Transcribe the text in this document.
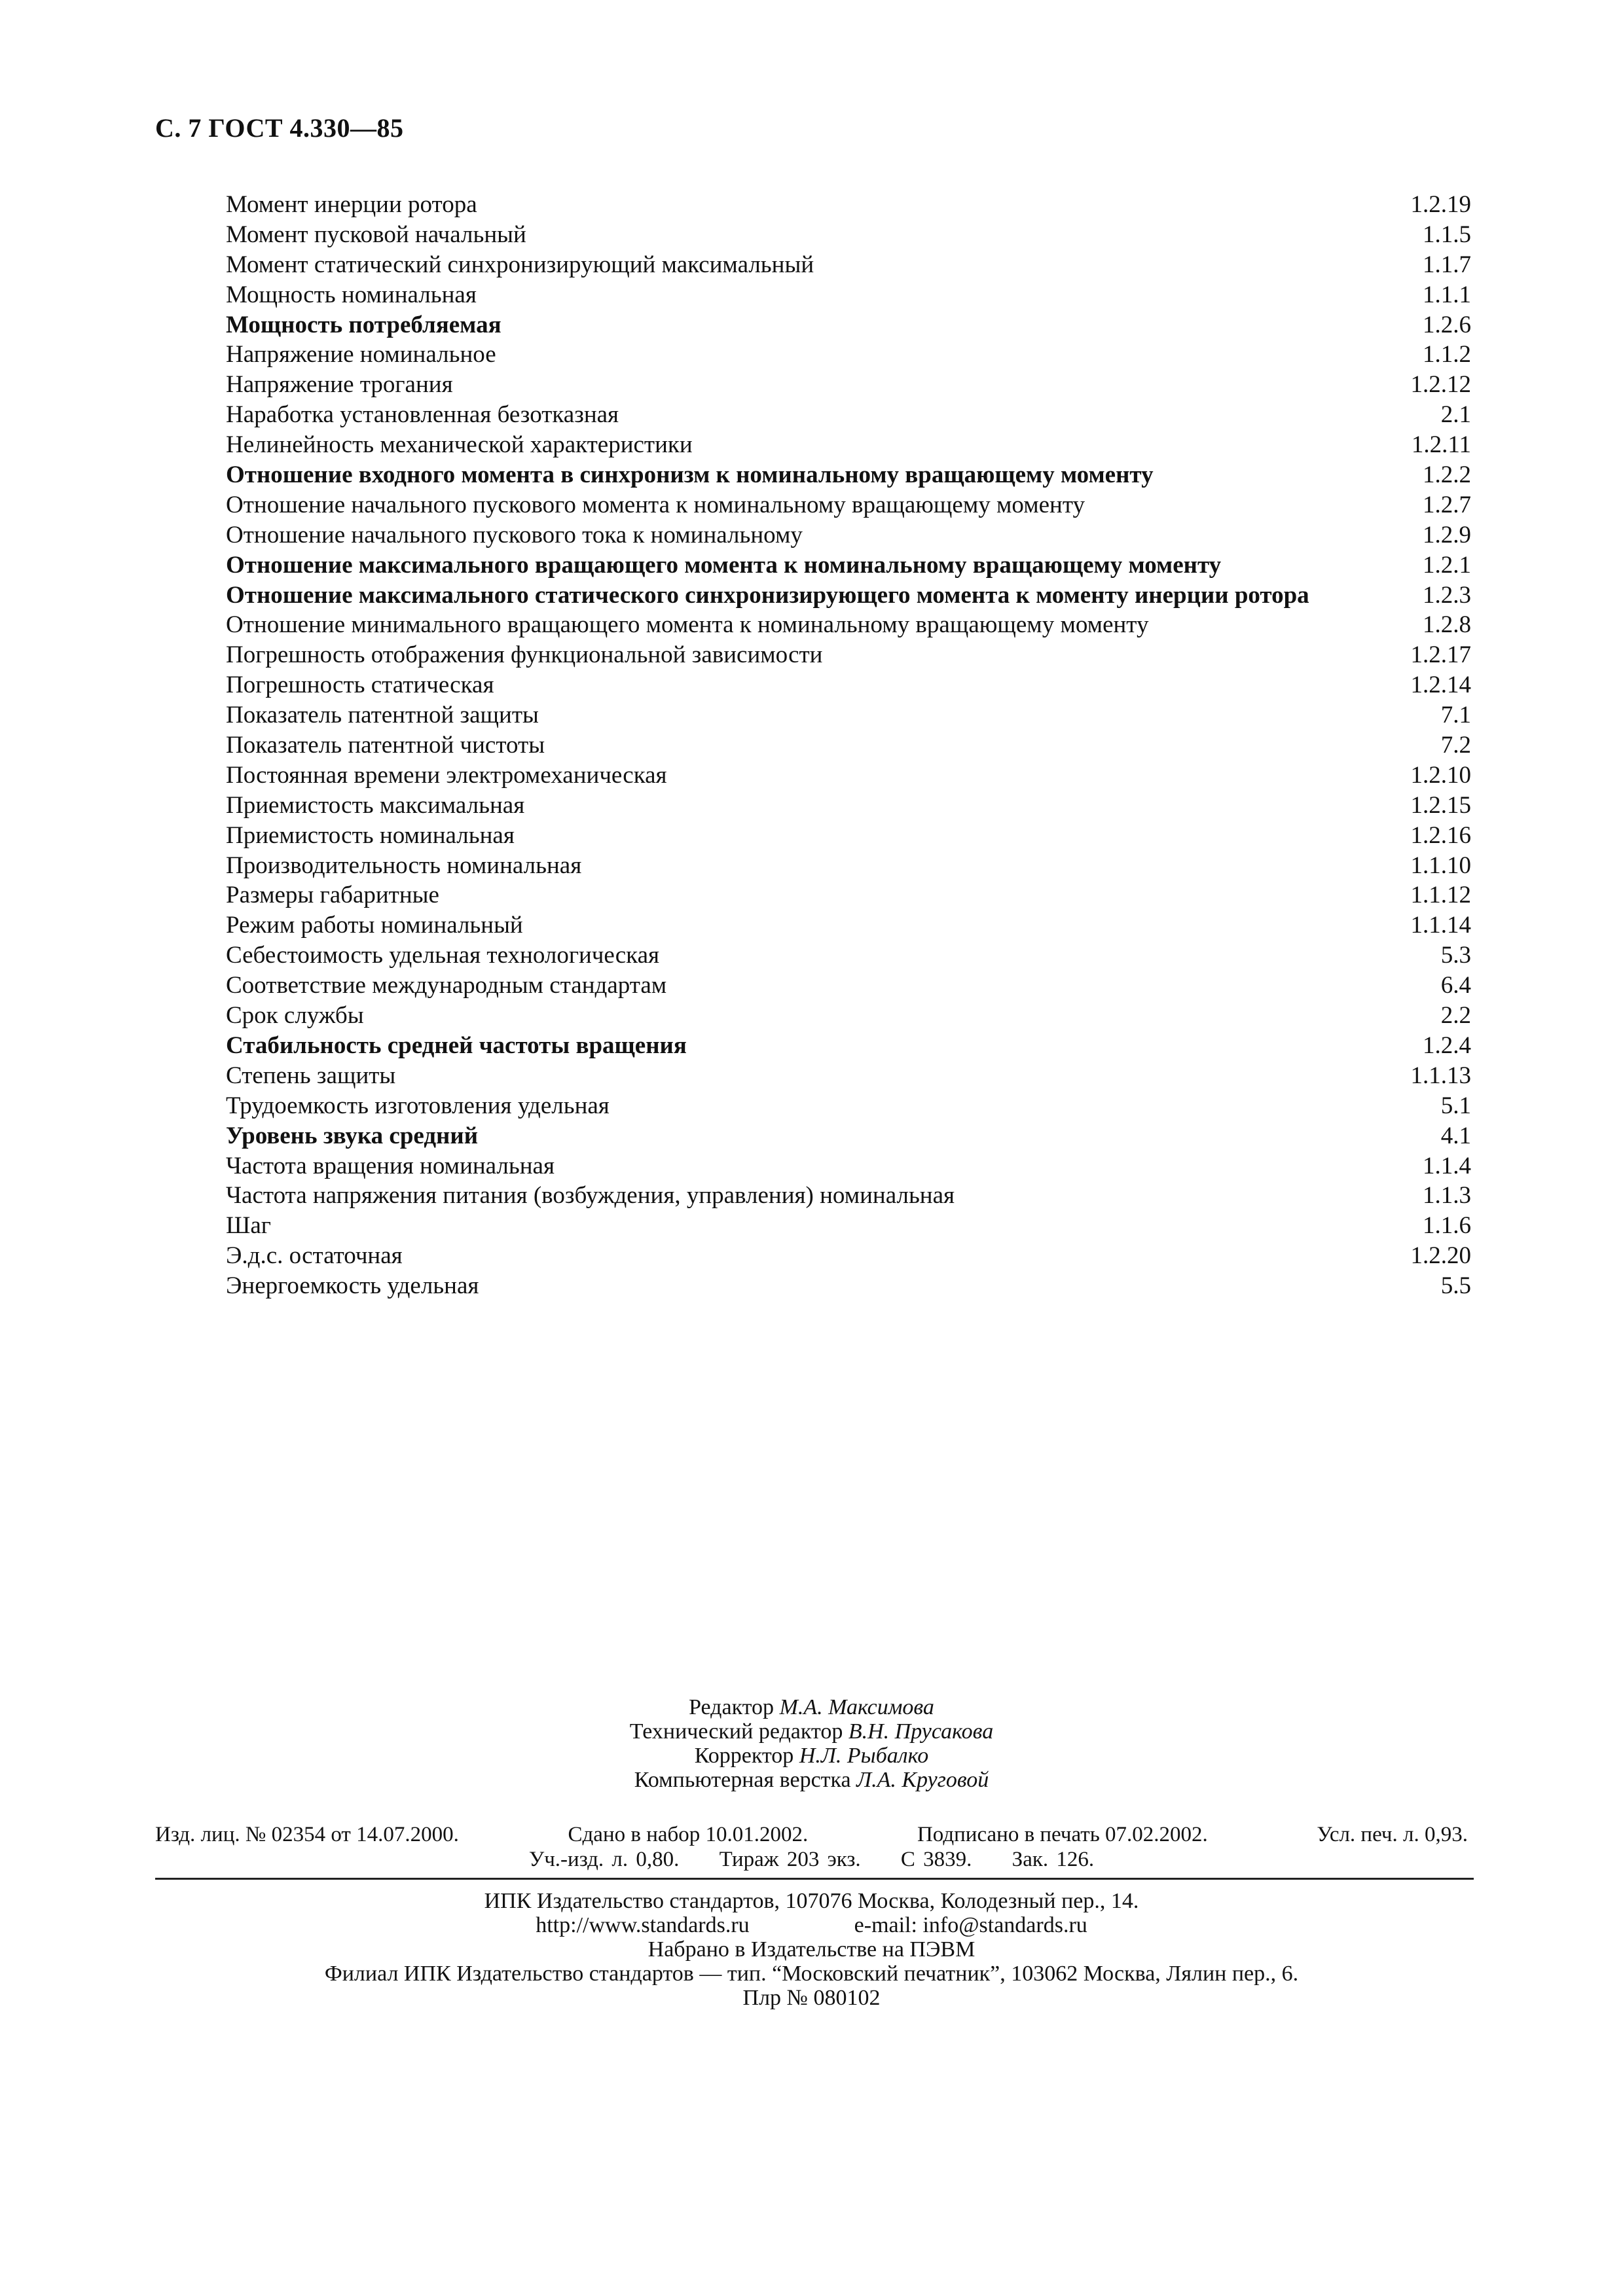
С. 7 ГОСТ 4.330—85
Момент инерции ротора	1.2.19
Момент пусковой начальный	1.1.5
Момент статический синхронизирующий максимальный	1.1.7
Мощность номинальная	1.1.1
Мощность потребляемая	1.2.6
Напряжение номинальное	1.1.2
Напряжение трогания	1.2.12
Наработка установленная безотказная	2.1
Нелинейность механической характеристики	1.2.11
Отношение входного момента в синхронизм к номинальному вращающему моменту	1.2.2
Отношение начального пускового момента к номинальному вращающему моменту	1.2.7
Отношение начального пускового тока к номинальному	1.2.9
Отношение максимального вращающего момента к номинальному вращающему моменту	1.2.1
Отношение максимального статического синхронизирующего момента к моменту инерции ротора	1.2.3
Отношение минимального вращающего момента к номинальному вращающему моменту	1.2.8
Погрешность отображения функциональной зависимости	1.2.17
Погрешность статическая	1.2.14
Показатель патентной защиты	7.1
Показатель патентной чистоты	7.2
Постоянная времени электромеханическая	1.2.10
Приемистость максимальная	1.2.15
Приемистость номинальная	1.2.16
Производительность номинальная	1.1.10
Размеры габаритные	1.1.12
Режим работы номинальный	1.1.14
Себестоимость удельная технологическая	5.3
Соответствие международным стандартам	6.4
Срок службы	2.2
Стабильность средней частоты вращения	1.2.4
Степень защиты	1.1.13
Трудоемкость изготовления удельная	5.1
Уровень звука средний	4.1
Частота вращения номинальная	1.1.4
Частота напряжения питания (возбуждения, управления) номинальная	1.1.3
Шаг	1.1.6
Э.д.с. остаточная	1.2.20
Энергоемкость удельная	5.5
Редактор М.А. Максимова
Технический редактор В.Н. Прусакова
Корректор Н.Л. Рыбалко
Компьютерная верстка Л.А. Круговой
Изд. лиц. № 02354 от 14.07.2000.	Сдано в набор 10.01.2002.	Подписано в печать 07.02.2002.	Усл. печ. л. 0,93.
Уч.-изд. л. 0,80. Тираж 203 экз. С 3839. Зак. 126.
ИПК Издательство стандартов, 107076 Москва, Колодезный пер., 14.
http://www.standards.ru	e-mail: info@standards.ru
Набрано в Издательстве на ПЭВМ
Филиал ИПК Издательство стандартов — тип. “Московский печатник”, 103062 Москва, Лялин пер., 6.
Плр № 080102
